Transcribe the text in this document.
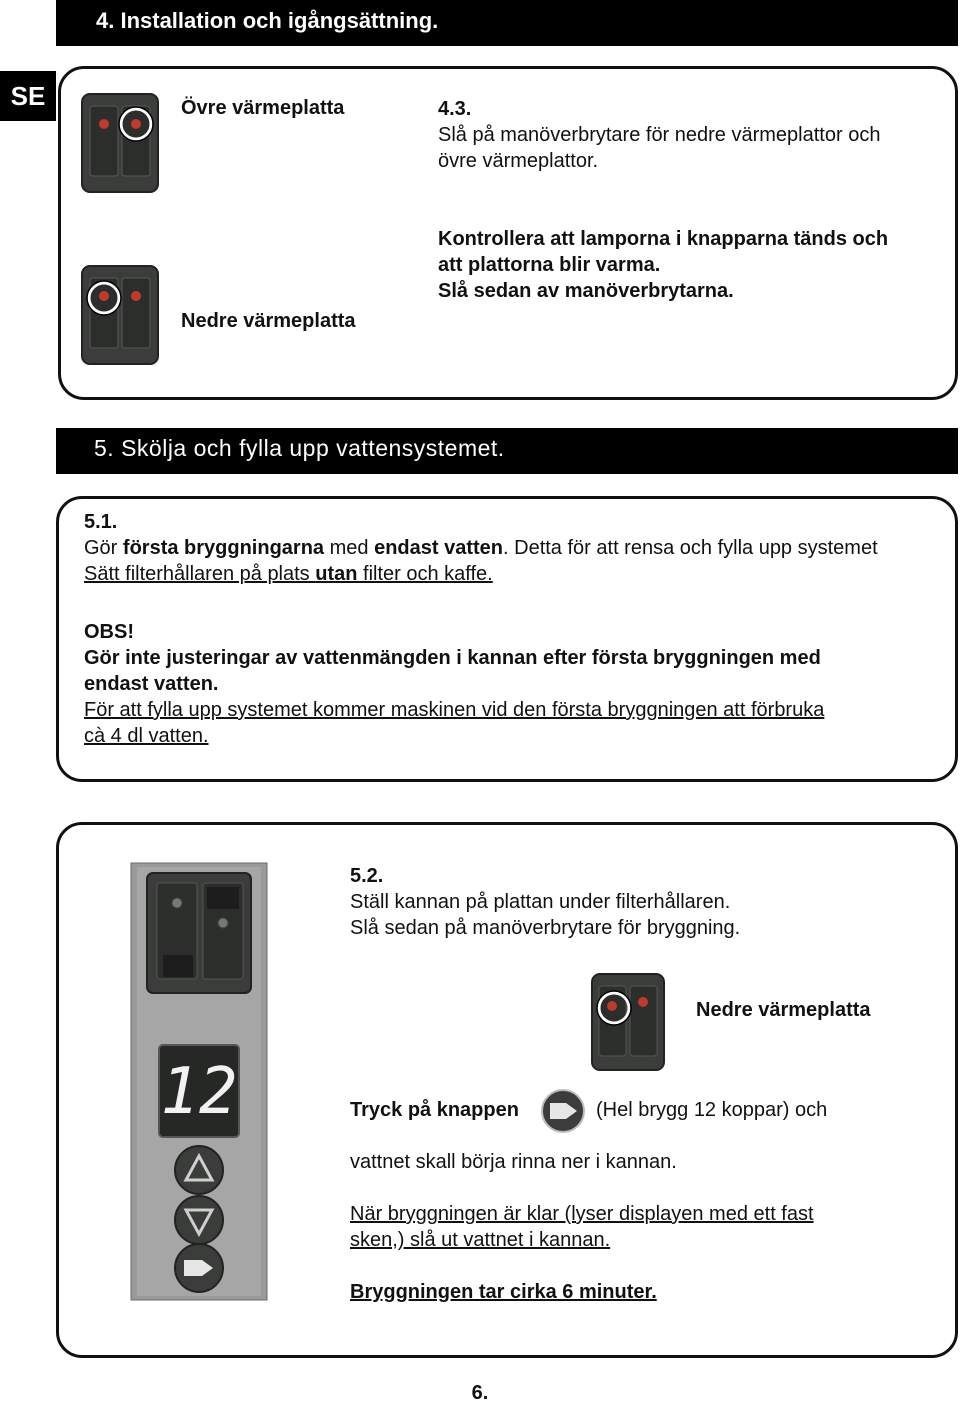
4. Installation och igångsättning.
SE	Övre värmeplatta
Nedre värmeplatta
4.3.
Slå på manöverbrytare för nedre värmeplattor och
övre värmeplattor.
Kontrollera att lamporna i knapparna tänds och
att plattorna blir varma.
Slå sedan av manöverbrytarna.
5. Skölja och fylla upp vattensystemet.
5.1.
Gör första bryggningarna med endast vatten. Detta för att rensa och fylla upp systemet
Sätt filterhållaren på plats utan filter och kaffe.
OBS!
Gör inte justeringar av vattenmängden i kannan efter första bryggningen med
endast vatten.
För att fylla upp systemet kommer maskinen vid den första bryggningen att förbruka
cà 4 dl vatten.
12
5.2.
Ställ kannan på plattan under filterhållaren.
Slå sedan på manöverbrytare för bryggning.
Nedre värmeplatta
Tryck på knappen	(Hel brygg 12 koppar) och
vattnet skall börja rinna ner i kannan.
När bryggningen är klar (lyser displayen med ett fast
sken,) slå ut vattnet i kannan.
Bryggningen tar cirka 6 minuter.
6.
